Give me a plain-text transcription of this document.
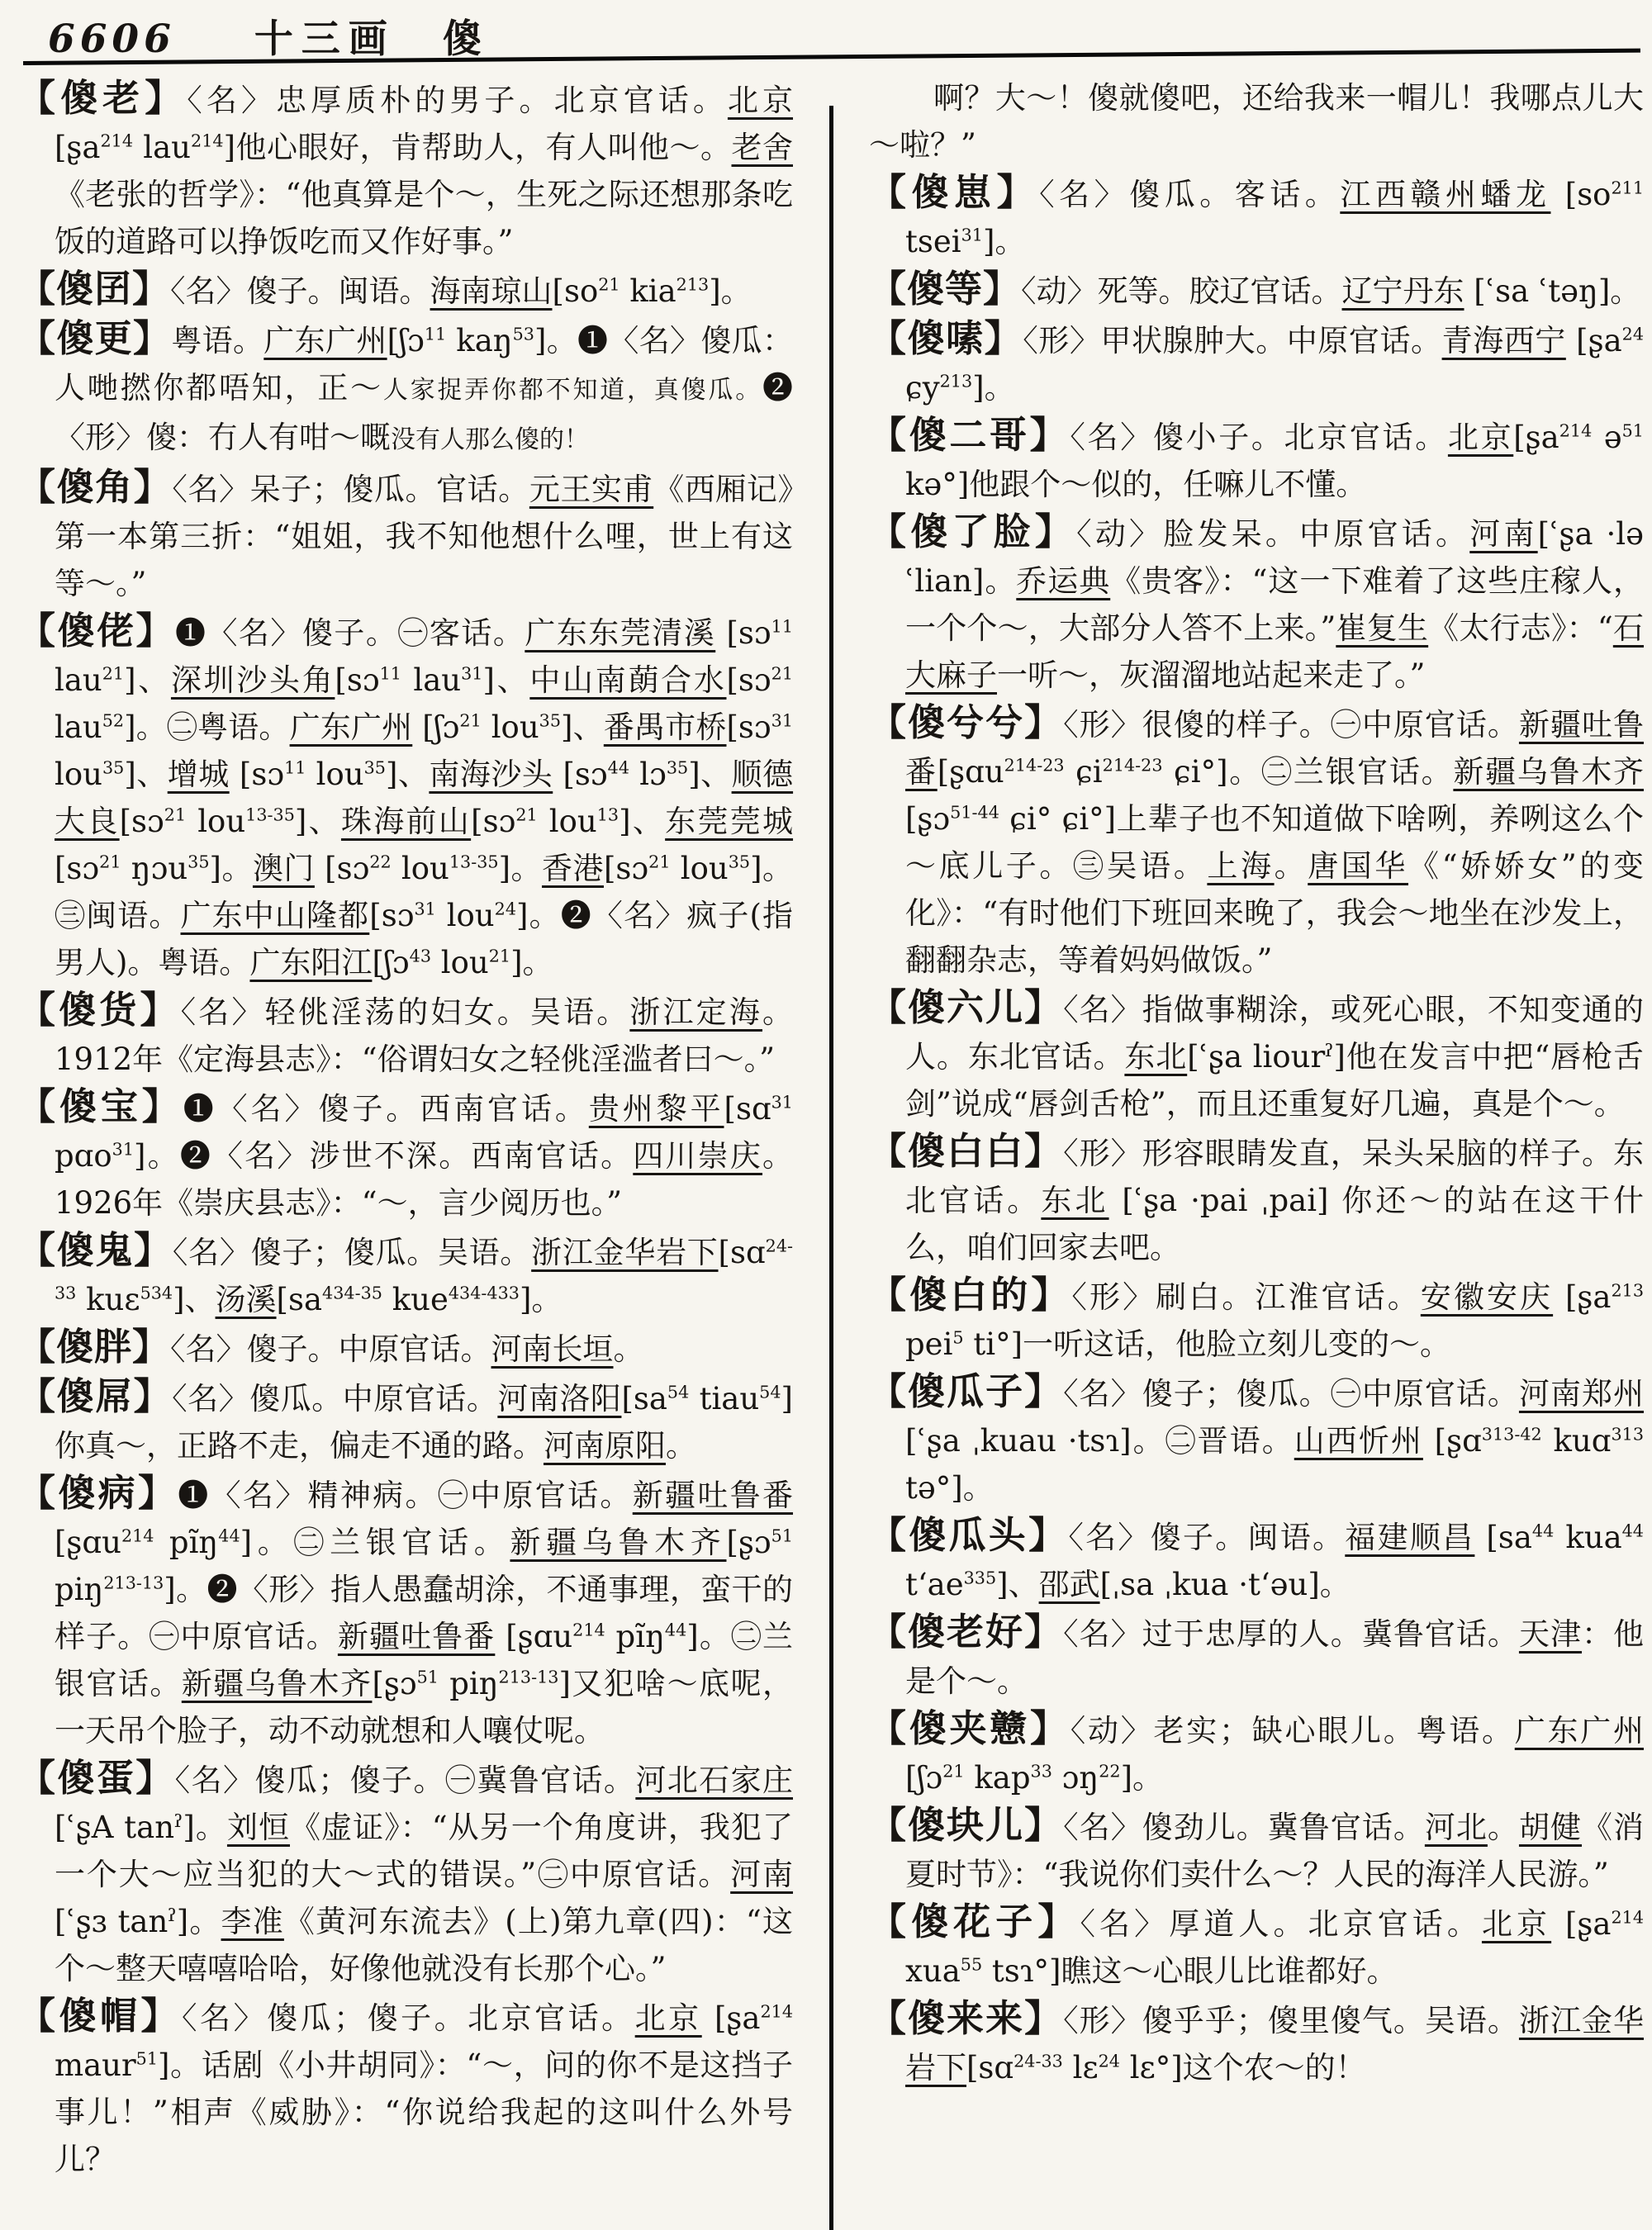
6606 十三画　傻

【傻老】〈名〉忠厚质朴的男子。北京官话。北京 [ʂa$^{214}$ lau$^{214}$]他心眼好，肯帮助人，有人叫他～。老舍《老张的哲学》：“他真算是个～，生死之际还想那条吃饭的道路可以挣饭吃而又作好事。”

【傻囝】〈名〉傻子。闽语。海南琼山[$so^{21}$ kia$^{213}$]。

【傻更】粤语。广东广州[ʃɔ$^{11}$ kaŋ$^{53}$]。❶〈名〉傻瓜：人哋撚你都唔知，正～人家捉弄你都不知道，真傻瓜。❷〈形〉傻：冇人有咁～嘅没有人那么傻的！

【傻角】〈名〉呆子；傻瓜。官话。元王实甫《西厢记》第一本第三折：“姐姐，我不知他想什么哩，世上有这等～。”

【傻佬】❶〈名〉傻子。㊀客话。广东东莞清溪 [sɔ$^{11}$ lau$^{21}$]、深圳沙头角[sɔ$^{11}$ lau$^{31}$]、中山南蓢合水[sɔ$^{21}$ lau$^{52}$]。㊁粤语。广东广州 [ʃɔ$^{21}$ lou$^{35}$]、番禺市桥[sɔ$^{31}$ lou$^{35}$]、增城 [sɔ$^{11}$ lou$^{35}$]、南海沙头 [sɔ$^{44}$ lɔ$^{35}$]、顺德大良[sɔ$^{21}$ lou$^{13-35}$]、珠海前山[sɔ$^{21}$ lou$^{13}$]、东莞莞城[sɔ$^{21}$ ŋɔu$^{35}$]。澳门 [sɔ$^{22}$ lou$^{13-35}$]。香港[sɔ$^{21}$ lou$^{35}$]。㊂闽语。广东中山隆都[sɔ$^{31}$ lou$^{24}$]。❷〈名〉疯子(指男人)。粤语。广东阳江[ʃɔ$^{43}$ lou$^{21}$]。

【傻货】〈名〉轻佻淫荡的妇女。吴语。浙江定海。1912年《定海县志》：“俗谓妇女之轻佻淫滥者曰～。”

【傻宝】❶〈名〉傻子。西南官话。贵州黎平[sɑ$^{31}$ pɑo$^{31}$]。❷〈名〉涉世不深。西南官话。四川崇庆。1926年《崇庆县志》：“～，言少阅历也。”

【傻鬼】〈名〉傻子；傻瓜。吴语。浙江金华岩下[sɑ$^{24-33}$ kuɛ$^{534}$]、汤溪[$sa^{434-35}$ kue$^{434-433}$]。

【傻胖】〈名〉傻子。中原官话。河南长垣。

【傻屌】〈名〉傻瓜。中原官话。河南洛阳[$sa^{54}$ tiau$^{54}$]你真～，正路不走，偏走不通的路。河南原阳。

【傻病】❶〈名〉精神病。㊀中原官话。新疆吐鲁番[ʂɑu$^{214}$ pĩŋ$^{44}$]。㊁兰银官话。新疆乌鲁木齐[ʂɔ$^{51}$ piŋ$^{213-13}$]。❷〈形〉指人愚蠢胡涂，不通事理，蛮干的样子。㊀中原官话。新疆吐鲁番 [ʂɑu$^{214}$ pĩŋ$^{44}$]。㊁兰银官话。新疆乌鲁木齐[ʂɔ$^{51}$ piŋ$^{213-13}$]又犯啥～底呢，一天吊个脸子，动不动就想和人嚷仗呢。

【傻蛋】〈名〉傻瓜；傻子。㊀冀鲁官话。河北石家庄[ʿʂA tanˀ]。刘恒《虚证》：“从另一个角度讲，我犯了一个大～应当犯的大～式的错误。”㊁中原官话。河南[ʿʂɜ tanˀ]。李准《黄河东流去》(上)第九章(四)：“这个～整天嘻嘻哈哈，好像他就没有长那个心。”

【傻帽】〈名〉傻瓜；傻子。北京官话。北京 [ʂa$^{214}$ maur$^{51}$]。话剧《小井胡同》：“～，问的你不是这挡子事儿！”相声《威胁》：“你说给我起的这叫什么外号儿？

啊？大～！傻就傻吧，还给我来一帽儿！我哪点儿大～啦？”

【傻崽】〈名〉傻瓜。客话。江西赣州蟠龙 [$so^{211}$ tsei$^{31}$]。

【傻等】〈动〉死等。胶辽官话。辽宁丹东 [ʿsa ʿtəŋ]。

【傻嗉】〈形〉甲状腺肿大。中原官话。青海西宁 [ʂa$^{24}$ ɕy$^{213}$]。

【傻二哥】〈名〉傻小子。北京官话。北京[ʂa$^{214}$ ə$^{51}$ kə°]他跟个～似的，任嘛儿不懂。

【傻了脸】〈动〉脸发呆。中原官话。河南[ʿʂa ·lə ʿlian]。乔运典《贵客》：“这一下难着了这些庄稼人，一个个～，大部分人答不上来。”崔复生《太行志》：“石大麻子一听～，灰溜溜地站起来走了。”

【傻兮兮】〈形〉很傻的样子。㊀中原官话。新疆吐鲁番[ʂɑu$^{214-23}$ ɕi$^{214-23}$ ɕi°]。㊁兰银官话。新疆乌鲁木齐[ʂɔ$^{51-44}$ ɕi° ɕi°]上辈子也不知道做下啥咧，养咧这么个～底儿子。㊂吴语。上海。唐国华《“娇娇女”的变化》：“有时他们下班回来晚了，我会～地坐在沙发上，翻翻杂志，等着妈妈做饭。”

【傻六儿】〈名〉指做事糊涂，或死心眼，不知变通的人。东北官话。东北[ʿʂa liourˀ]他在发言中把“唇枪舌剑”说成“唇剑舌枪”，而且还重复好几遍，真是个～。

【傻白白】〈形〉形容眼睛发直，呆头呆脑的样子。东北官话。东北 [ʿʂa ·pai ˌpai] 你还～的站在这干什么，咱们回家去吧。

【傻白的】〈形〉刷白。江淮官话。安徽安庆 [ʂa$^{213}$ pei$^5$ ti°]一听这话，他脸立刻儿变的～。

【傻瓜子】〈名〉傻子；傻瓜。㊀中原官话。河南郑州[ʿʂa ˌkuau ·tsɿ]。㊁晋语。山西忻州 [ʂɑ$^{313-42}$ kuɑ$^{313}$ tə°]。

【傻瓜头】〈名〉傻子。闽语。福建顺昌 [$sa^{44}$ kua$^{44}$ tʻae$^{335}$]、邵武[ˌsa ˌkua ·tʻəu]。

【傻老好】〈名〉过于忠厚的人。冀鲁官话。天津：他是个～。

【傻夹戆】〈动〉老实；缺心眼儿。粤语。广东广州 [ʃɔ$^{21}$ kap$^{33}$ ɔŋ$^{22}$]。

【傻块儿】〈名〉傻劲儿。冀鲁官话。河北。胡健《消夏时节》：“我说你们卖什么～？人民的海洋人民游。”

【傻花子】〈名〉厚道人。北京官话。北京 [ʂa$^{214}$ xua$^{55}$ tsɿ°]瞧这～心眼儿比谁都好。

【傻来来】〈形〉傻乎乎；傻里傻气。吴语。浙江金华岩下[sɑ$^{24-33}$ lɛ$^{24}$ lɛ°]这个农～的！
